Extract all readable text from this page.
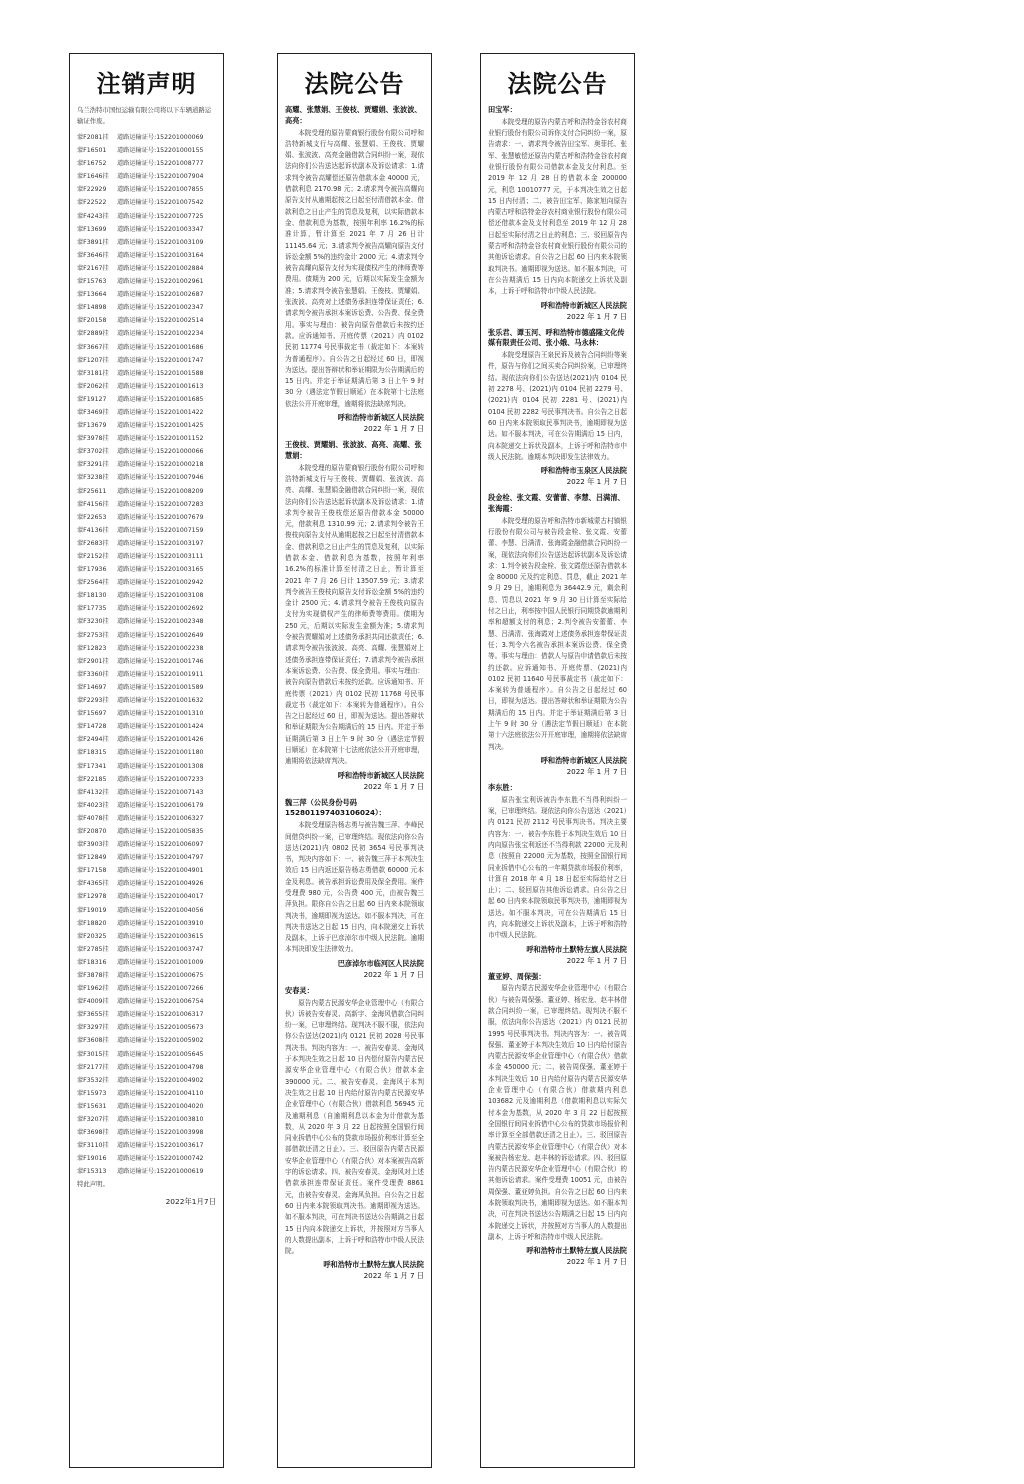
注销声明
乌兰浩特市国恒运输有限公司将以下车辆道路运输证作废。
蒙F2081挂 道路运输证号:152201000069
蒙F16501 道路运输证号:152201000155
蒙F16752 道路运输证号:152201008777
蒙F1646挂 道路运输证号:152201007904
蒙F22929 道路运输证号:152201007855
蒙F22522 道路运输证号:152201007542
蒙F4243挂 道路运输证号:152201007725
蒙F13699 道路运输证号:152201003347
蒙F3891挂 道路运输证号:152201003109
蒙F3646挂 道路运输证号:152201003164
蒙F2167挂 道路运输证号:152201002884
蒙F15763 道路运输证号:152201002961
蒙F13664 道路运输证号:152201002687
蒙F14898 道路运输证号:152201002347
蒙F20158 道路运输证号:152201002514
蒙F2889挂 道路运输证号:152201002234
蒙F3667挂 道路运输证号:152201001686
蒙F1207挂 道路运输证号:152201001747
蒙F3181挂 道路运输证号:152201001588
蒙F2062挂 道路运输证号:152201001613
蒙F19127 道路运输证号:152201001685
蒙F3469挂 道路运输证号:152201001422
蒙F13679 道路运输证号:152201001425
蒙F3978挂 道路运输证号:152201001152
蒙F3702挂 道路运输证号:152201000066
蒙F3291挂 道路运输证号:152201000218
蒙F3238挂 道路运输证号:152201007946
蒙F25611 道路运输证号:152201008209
蒙F4156挂 道路运输证号:152201007283
蒙F22653 道路运输证号:152201007679
蒙F4136挂 道路运输证号:152201007159
蒙F2683挂 道路运输证号:152201003197
蒙F2152挂 道路运输证号:152201003111
蒙F17936 道路运输证号:152201003165
蒙F2564挂 道路运输证号:152201002942
蒙F18130 道路运输证号:152201003108
蒙F17735 道路运输证号:152201002692
蒙F3230挂 道路运输证号:152201002348
蒙F2753挂 道路运输证号:152201002649
蒙F12823 道路运输证号:152201002238
蒙F2901挂 道路运输证号:152201001746
蒙F3360挂 道路运输证号:152201001911
蒙F14697 道路运输证号:152201001589
蒙F2293挂 道路运输证号:152201001632
蒙F15697 道路运输证号:152201001310
蒙F14728 道路运输证号:152201001424
蒙F2494挂 道路运输证号:152201001426
蒙F18315 道路运输证号:152201001180
蒙F17341 道路运输证号:152201001308
蒙F22185 道路运输证号:152201007233
蒙F4132挂 道路运输证号:152201007143
蒙F4023挂 道路运输证号:152201006179
蒙F4078挂 道路运输证号:152201006327
蒙F20870 道路运输证号:152201005835
蒙F3903挂 道路运输证号:152201006097
蒙F12849 道路运输证号:152201004797
蒙F17158 道路运输证号:152201004901
蒙F4365挂 道路运输证号:152201004926
蒙F12978 道路运输证号:152201004017
蒙F19019 道路运输证号:152201004056
蒙F18820 道路运输证号:152201003910
蒙F20325 道路运输证号:152201003615
蒙F2785挂 道路运输证号:152201003747
蒙F18316 道路运输证号:152201001009
蒙F3878挂 道路运输证号:152201000675
蒙F1962挂 道路运输证号:152201007266
蒙F4009挂 道路运输证号:152201006754
蒙F3655挂 道路运输证号:152201006317
蒙F3297挂 道路运输证号:152201005673
蒙F3608挂 道路运输证号:152201005902
蒙F3015挂 道路运输证号:152201005645
蒙F2177挂 道路运输证号:152201004798
蒙F3532挂 道路运输证号:152201004902
蒙F15973 道路运输证号:152201004110
蒙F15631 道路运输证号:152201004020
蒙F3207挂 道路运输证号:152201003810
蒙F3698挂 道路运输证号:152201003998
蒙F3110挂 道路运输证号:152201003617
蒙F19016 道路运输证号:152201000742
蒙F15313 道路运输证号:152201000619
特此声明。
2022年1月7日
法院公告
高耀、张慧娟、王俊枝、贾耀娟、张波波、高亮：
本院受理的原告蒙商银行股份有限公司呼和浩特新城支行与高耀、张慧娟、王俊枝、贾耀娟、张波波、高亮金融借款合同纠纷一案，现依法向你们公告送达起诉状副本及诉讼请求：1.请求判令被告高耀偿还原告借款本金 40000 元，借款利息 2170.98 元；2.请求判令被告高耀向原告支付从逾期起按之日起至付清借款本金、借款利息之日止产生的罚息及复利，以实际借款本金、借款利息为基数，按照年利率 16.2%的标准计算，暂计算至 2021 年 7 月 26 日计 11145.64 元；3.请求判令被告高耀向原告支付诉讼金额 5%的违约金计 2000 元；4.请求判令被告高耀向原告支付为实现债权产生的律师费等费用。债期为 200 元，后期以实际发生金额为准；5.请求判令被告张慧娟、王俊枝、贾耀娟、张波波、高亮对上述债务承担连带保证责任；6.请求判令被告承担本案诉讼费、公告费、保全费用。事实与理由：被告向原告借款后未按约还款。应诉通知书、开庭传票（2021）内 0102 民初 11774 号民事裁定书（裁定如下：本案转为普通程序）。自公告之日起经过 60 日，即视为送达。提出答辩状和举证期限为公告期满后的 15 日内。并定于举证期满后第 3 日上午 9 时 30 分（遇法定节假日顺延）在本院第十七法庭依法公开开庭审理，逾期将依法缺席判决。
呼和浩特市新城区人民法院
2022 年 1 月 7 日
王俊枝、贾耀娟、张波波、高亮、高耀、张慧娟：
本院受理的原告蒙商银行股份有限公司呼和浩特新城支行与王俊枝、贾耀娟、张波波、高亮、高耀、张慧娟金融借款合同纠纷一案，现依法向你们公告送达起诉状副本及诉讼请求：1.请求判令被告王俊枝偿还原告借款本金 50000 元，借款利息 1310.99 元；2.请求判令被告王俊枝向原告支付从逾期起按之日起至付清借款本金、借款利息之日止产生的罚息及复利，以实际借款本金、借款利息为基数，按照年利率 16.2%的标准计算至付清之日止，暂计算至 2021 年 7 月 26 日计 13507.59 元；3.请求判令被告王俊枝向原告支付诉讼金额 5%的违约金计 2500 元；4.请求判令被告王俊枝向原告支付为实现债权产生的律师费等费用。债期为 250 元，后期以实际发生金额为准；5.请求判令被告贾耀娟对上述债务承担共同还款责任；6.请求判令被告张波波、高亮、高耀、张慧娟对上述债务承担连带保证责任；7.请求判令被告承担本案诉讼费、公告费、保全费用。事实与理由：被告向原告借款后未按约还款。应诉通知书、开庭传票（2021）内 0102 民初 11768 号民事裁定书（裁定如下：本案转为普通程序）。自公告之日起经过 60 日，即视为送达。提出答辩状和举证期限为公告期满后的 15 日内。并定于举证期满后第 3 日上午 9 时 30 分（遇法定节假日顺延）在本院第十七法庭依法公开开庭审理，逾期将依法缺席判决。
呼和浩特市新城区人民法院
2022 年 1 月 7 日
魏三萍（公民身份号码 152801197403106024）：
本院受理原告杨志勇与被告魏三萍、李峰民间借贷纠纷一案，已审理终结。现依法向你公告送达(2021)内 0802 民初 3654 号民事判决书，判决内容如下：一、被告魏三萍于本判决生效后 15 日内返还原告杨志勇借款 60000 元本金及利息。被告承担诉讼费用及保全费用。案件受理费 980 元，公告费 400 元，由被告魏三萍负担。限你自公告之日起 60 日内来本院领取判决书，逾期即视为送达。如不服本判决，可在判决书送达之日起 15 日内，向本院递交上诉状及副本，上诉于巴彦淖尔市中级人民法院。逾期本判决即发生法律效力。
巴彦淖尔市临河区人民法院
2022 年 1 月 7 日
安春灵：
原告内蒙古民源安华企业管理中心（有限合伙）诉被告安春灵、高新宇、金海风借款合同纠纷一案，已审理终结。现判决不服不服，依法向你公告送达(2021)内 0121 民初 2028 号民事判决书。判决内容为：一、被告安春灵、金海风于本判决生效之日起 10 日内偿付原告内蒙古民源安华企业管理中心（有限合伙）借款本金 390000 元。二、被告安春灵、金海风于本判决生效之日起 10 日内给付原告内蒙古民源安华企业管理中心（有限合伙）借款利息 56945 元及逾期利息（自逾期利息以本金为计借款为基数，从 2020 年 3 月 22 日起按照全国银行间同业拆借中心公布的贷款市场报价利率计算至全部借款还清之日止）。三、驳回原告内蒙古民源安华企业管理中心（有限合伙）对本案被告高新宇的诉讼请求。四、被告安春灵、金海风对上述借款承担连带保证责任。案件受理费 8861 元，由被告安春灵、金海风负担。自公告之日起 60 日内来本院领取判决书。逾期即视为送达。如不服本判决，可在判决书送达公告期满之日起 15 日内向本院递交上诉状，并按照对方当事人的人数提出副本，上诉于呼和浩特市中级人民法院。
呼和浩特市土默特左旗人民法院
2022 年 1 月 7 日
法院公告
田宝军：
本院受理的原告内蒙古呼和浩特金谷农村商业银行股份有限公司诉你支付合同纠纷一案，原告请求：一、请求判令被告田宝军、奥菲托、张军、张慧敏偿还原告内蒙古呼和浩特金谷农村商业银行股份有限公司借款本金及支付利息。至 2019 年 12 月 28 日的借款本金 200000 元，利息 10010777 元，于本判决生效之日起 15 日内付清；二、被告田宝军、陈家旭向原告内蒙古呼和浩特金谷农村商业银行股份有限公司偿还借款本金及支付利息至 2019 年 12 月 28 日起至实际付清之日止的利息；三、驳回原告内蒙古呼和浩特金谷农村商业银行股份有限公司的其他诉讼请求。自公告之日起 60 日内来本院领取判决书。逾期即视为送达。如不服本判决，可在公告期满后 15 日内向本院递交上诉状及副本，上诉于呼和浩特市中级人民法院。
呼和浩特市新城区人民法院
2022 年 1 月 7 日
张乐君、谭玉河、呼和浩特市德盛隆文化传媒有限责任公司、张小娥、马永林：
本院受理原告王泉民诉及被告合同纠纷等案件，原告与你们之间买卖合同纠纷案，已审理终结。现依法向你们公告送达(2021)内 0104 民初 2278 号、(2021)内 0104 民初 2279 号、(2021)内 0104 民初 2281 号、(2021)内 0104 民初 2282 号民事判决书。自公告之日起 60 日内来本院领取民事判决书，逾期即视为送达。如不服本判决，可在公告期满后 15 日内，向本院递交上诉状及副本，上诉于呼和浩特市中级人民法院。逾期本判决即发生法律效力。
呼和浩特市玉泉区人民法院
2022 年 1 月 7 日
段金栓、张文霞、安蕾蕾、李慧、吕满清、张海霞：
本院受理的原告呼和浩特市新城蒙古村镇银行股份有限公司与被告段金栓、张文霞、安蕾蕾、李慧、吕满清、张海霞金融借款合同纠纷一案，现依法向你们公告送达起诉状副本及诉讼请求：1.判令被告段金栓、张文霞偿还原告借款本金 80000 元及约定利息、罚息，截止 2021 年 9 月 29 日，逾期利息为 36442.9 元，剩余利息、罚息以 2021 年 9 月 30 日计算至实际给付之日止，利率按中国人民银行同期贷款逾期利率和超额支付的利息；2.判令被告安蕾蕾、李慧、吕满清、张海霞对上述债务承担连带保证责任；3.判令六名被告承担本案诉讼费、保全费等。事实与理由：借款人与原告申请借款后未按约还款。应诉通知书、开庭传票、(2021)内 0102 民初 11640 号民事裁定书（裁定如下：本案转为普通程序）。自公告之日起经过 60 日，即视为送达。提出答辩状和举证期限为公告期满后的 15 日内。并定于举证期满后第 3 日上午 9 时 30 分（遇法定节假日顺延）在本院第十六法庭依法公开开庭审理，逾期将依法缺席判决。
呼和浩特市新城区人民法院
2022 年 1 月 7 日
李东胜：
原告张宝利诉被告李东胜不当得利纠纷一案，已审理终结。现依法向你公告送达（2021）内 0121 民初 2112 号民事判决书。判决主要内容为：一、被告李东胜于本判决生效后 10 日内向原告张宝利返还不当得利款 22000 元及利息（按照自 22000 元为基数，按照全国银行间同业拆借中心公布的一年期贷款市场报价利率，计算自 2018 年 4 月 18 日起至实际给付之日止）；二、驳回原告其他诉讼请求。自公告之日起 60 日内来本院领取民事判决书，逾期即视为送达。如不服本判决，可在公告期满后 15 日内，向本院递交上诉状及副本，上诉于呼和浩特市中级人民法院。
呼和浩特市土默特左旗人民法院
2022 年 1 月 7 日
董亚婷、周保强：
原告内蒙古民源安华企业管理中心（有限合伙）与被告周保强、董亚婷、杨宏龙、赵丰林借款合同纠纷一案，已审理终结。现判决不服不服，依法向你公告送达（2021）内 0121 民初 1995 号民事判决书。判决内容为：一、被告周保强、董亚婷于本判决生效后 10 日内给付原告内蒙古民源安华企业管理中心（有限合伙）借款本金 450000 元；二、被告周保强、董亚婷于本判决生效后 10 日内给付原告内蒙古民源安华企业管理中心（有限合伙）借款期内利息 103682 元及逾期利息（借款期利息以实际欠付本金为基数，从 2020 年 3 月 22 日起按照全国银行间同业拆借中心公布的贷款市场报价利率计算至全部借款还清之日止）。三、驳回原告内蒙古民源安华企业管理中心（有限合伙）对本案被告杨宏龙、赵丰林的诉讼请求。四、驳回原告内蒙古民源安华企业管理中心（有限合伙）的其他诉讼请求。案件受理费 10051 元，由被告周保强、董亚婷负担。自公告之日起 60 日内来本院领取判决书，逾期即视为送达。如不服本判决，可在判决书送达公告期满之日起 15 日内向本院递交上诉状，并按照对方当事人的人数提出副本，上诉于呼和浩特市中级人民法院。
呼和浩特市土默特左旗人民法院
2022 年 1 月 7 日
